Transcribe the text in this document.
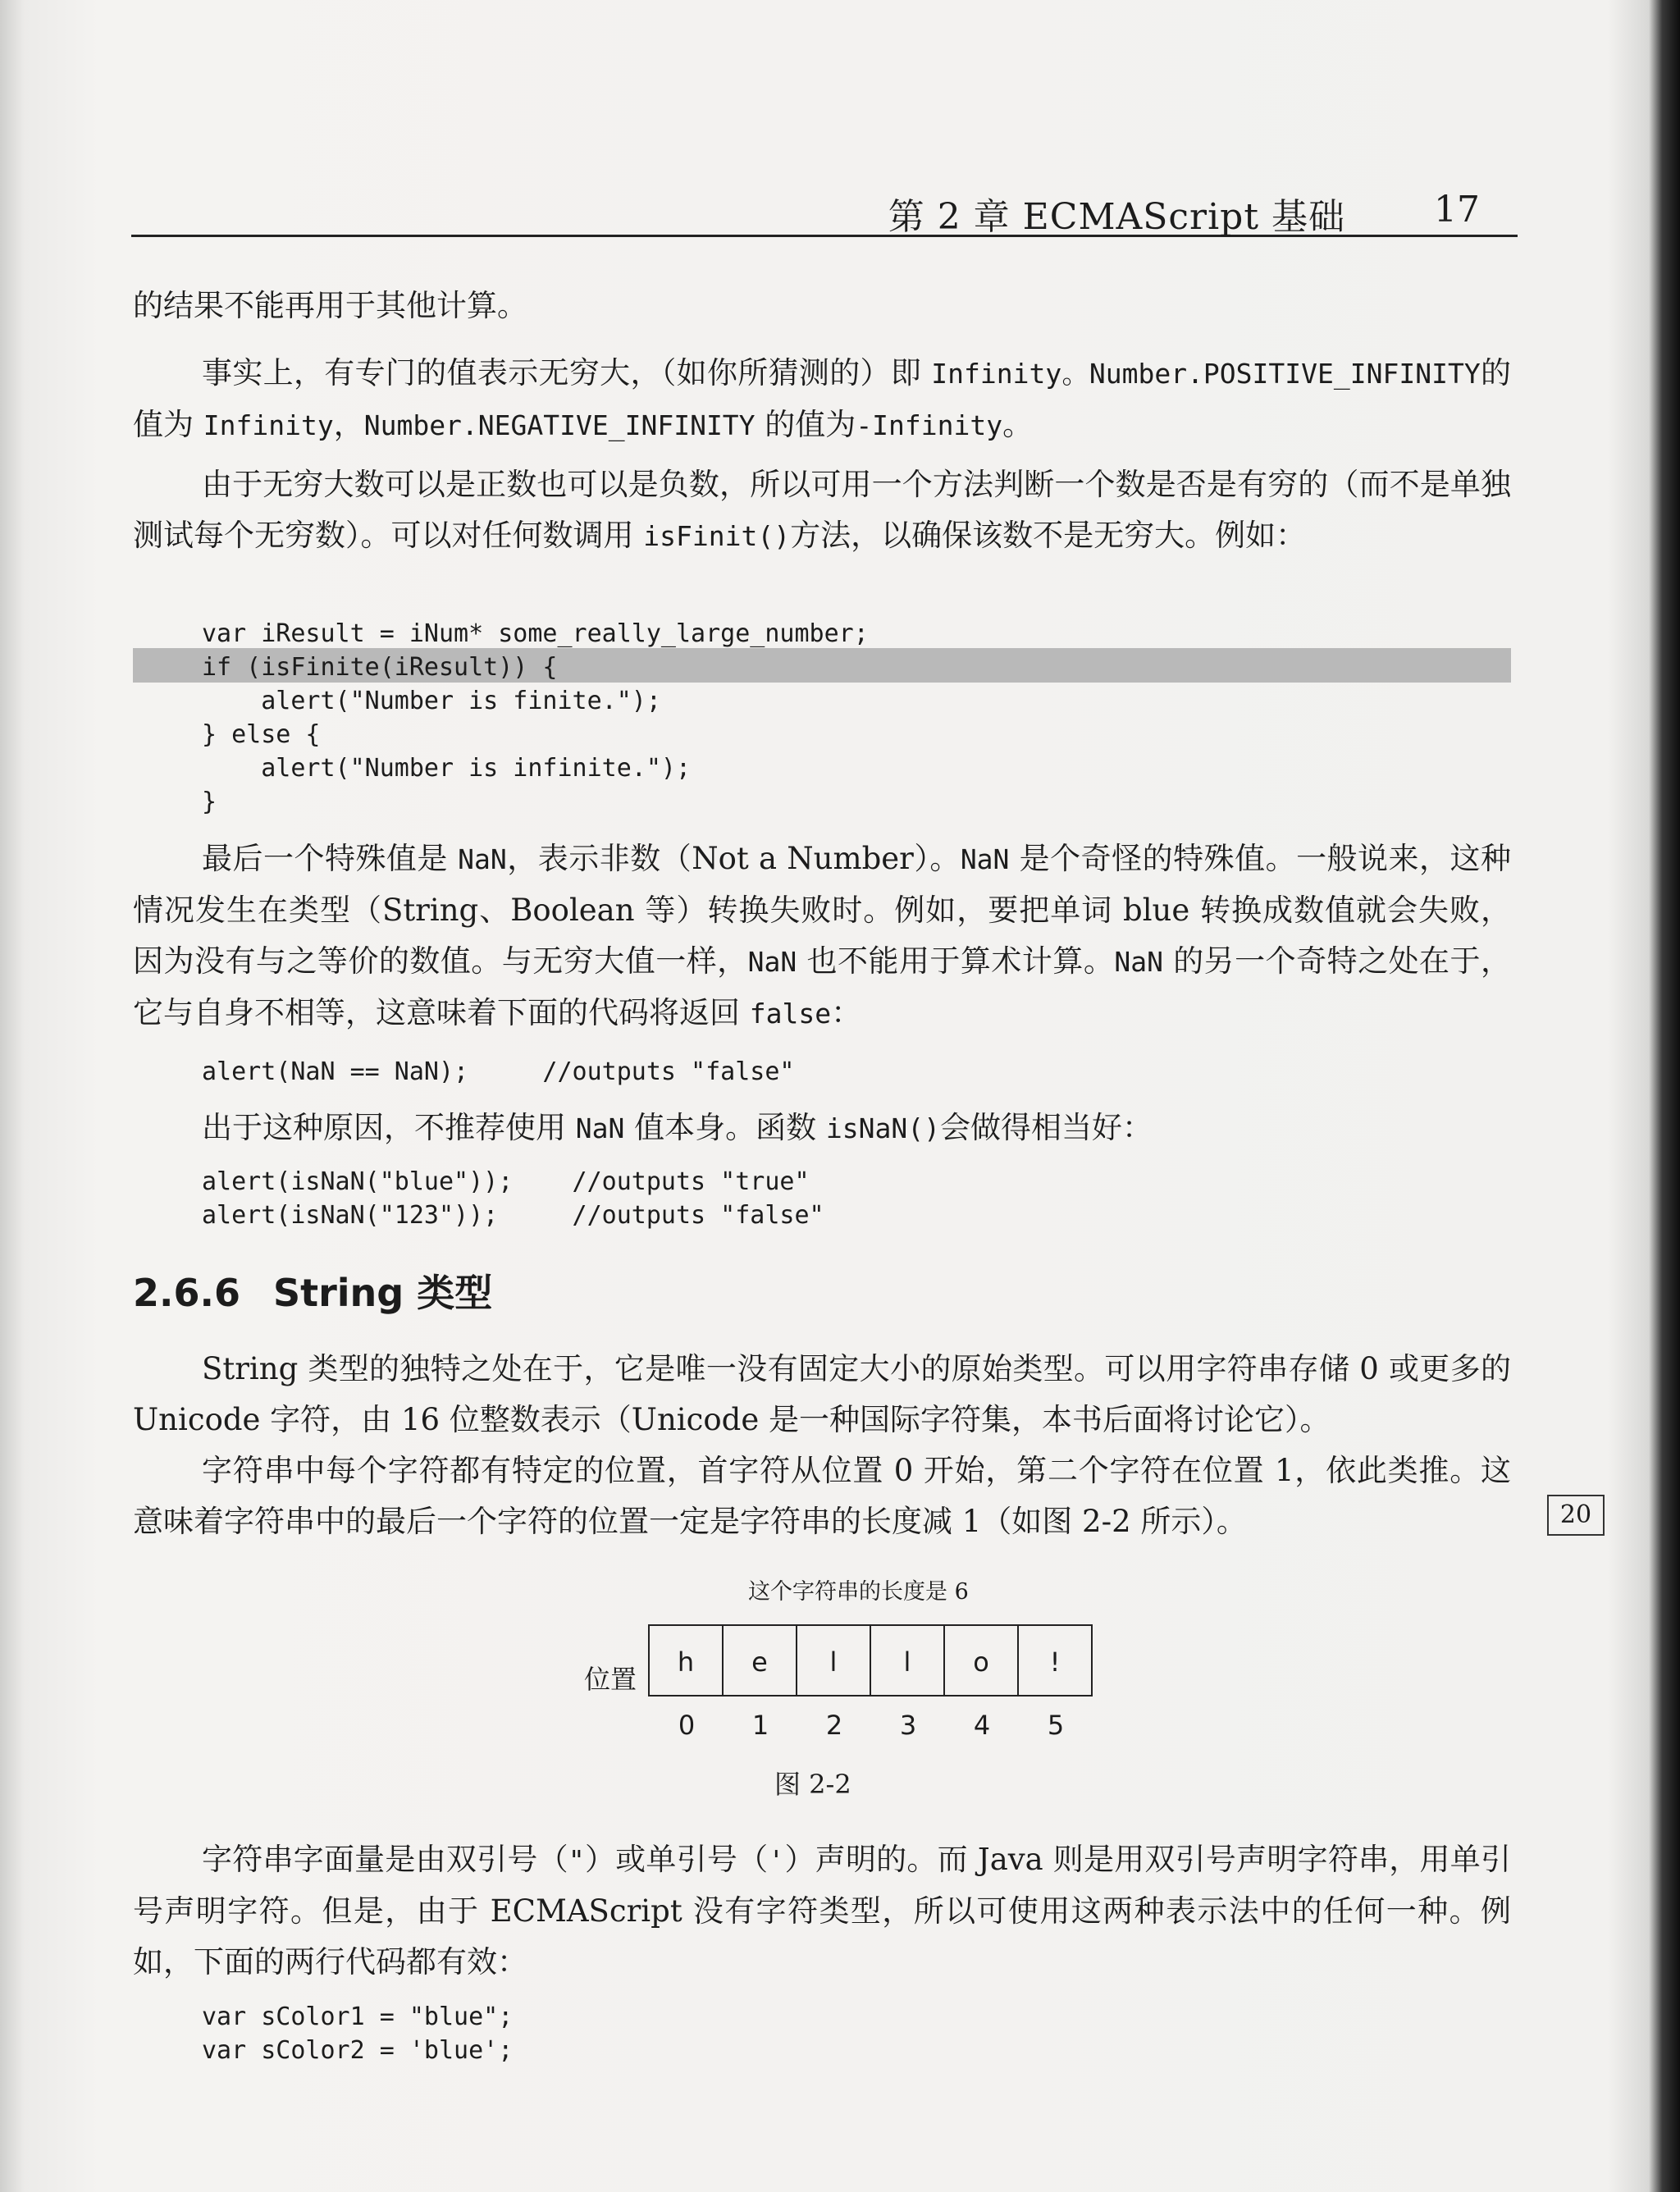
第 2 章 ECMAScript 基础 17

的结果不能再用于其他计算。

事实上，有专门的值表示无穷大，（如你所猜测的）即 Infinity。Number.POSITIVE_INFINITY的值为 Infinity，Number.NEGATIVE_INFINITY 的值为-Infinity。

由于无穷大数可以是正数也可以是负数，所以可用一个方法判断一个数是否是有穷的（而不是单独测试每个无穷数）。可以对任何数调用 isFinit()方法，以确保该数不是无穷大。例如：

var iResult = iNum* some_really_large_number;
if (isFinite(iResult)) {
alert("Number is finite.");
} else {
alert("Number is infinite.");
}

最后一个特殊值是 NaN，表示非数（Not a Number）。NaN 是个奇怪的特殊值。一般说来，这种情况发生在类型（String、Boolean 等）转换失败时。例如，要把单词 blue 转换成数值就会失败，因为没有与之等价的数值。与无穷大值一样，NaN 也不能用于算术计算。NaN 的另一个奇特之处在于，它与自身不相等，这意味着下面的代码将返回 false：

alert(NaN == NaN);     //outputs "false"

出于这种原因，不推荐使用 NaN 值本身。函数 isNaN()会做得相当好：

alert(isNaN("blue"));    //outputs "true"
alert(isNaN("123"));     //outputs "false"
2.6.6 String 类型

String 类型的独特之处在于，它是唯一没有固定大小的原始类型。可以用字符串存储 0 或更多的 Unicode 字符，由 16 位整数表示（Unicode 是一种国际字符集，本书后面将讨论它）。

字符串中每个字符都有特定的位置，首字符从位置 0 开始，第二个字符在位置 1，依此类推。这意味着字符串中的最后一个字符的位置一定是字符串的长度减 1（如图 2-2 所示）。	20
这个字符串的长度是 6
位置
h	e	l	l	o	!
0	1	2	3	4	5
图 2-2

字符串字面量是由双引号（"）或单引号（'）声明的。而 Java 则是用双引号声明字符串，用单引号声明字符。但是，由于 ECMAScript 没有字符类型，所以可使用这两种表示法中的任何一种。例如，下面的两行代码都有效：

var sColor1 = "blue";
var sColor2 = 'blue';
